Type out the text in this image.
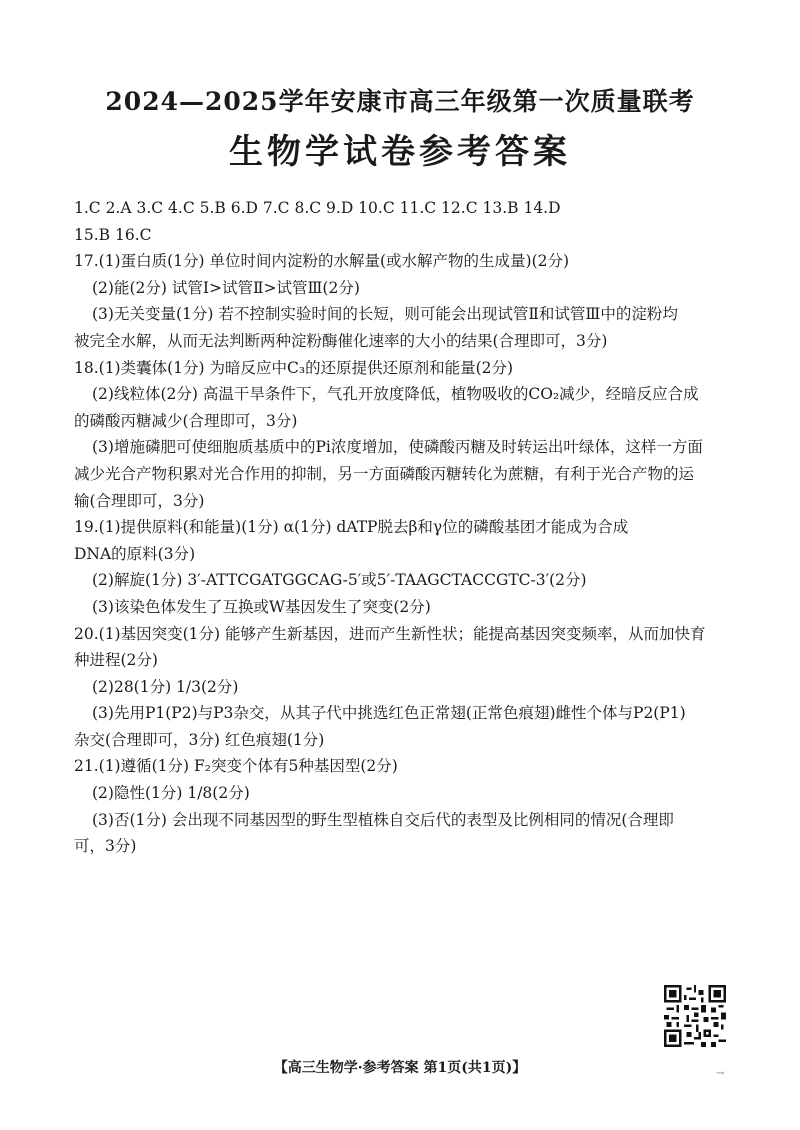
2024—2025学年安康市高三年级第一次质量联考
生物学试卷参考答案
1.C 2.A 3.C 4.C 5.B 6.D 7.C 8.C 9.D 10.C 11.C 12.C 13.B 14.D
15.B 16.C
17.(1)蛋白质(1分) 单位时间内淀粉的水解量(或水解产物的生成量)(2分)
(2)能(2分) 试管Ⅰ>试管Ⅱ>试管Ⅲ(2分)
(3)无关变量(1分) 若不控制实验时间的长短，则可能会出现试管Ⅱ和试管Ⅲ中的淀粉均
被完全水解，从而无法判断两种淀粉酶催化速率的大小的结果(合理即可，3分)
18.(1)类囊体(1分) 为暗反应中C₃的还原提供还原剂和能量(2分)
(2)线粒体(2分) 高温干旱条件下，气孔开放度降低，植物吸收的CO₂减少，经暗反应合成
的磷酸丙糖减少(合理即可，3分)
(3)增施磷肥可使细胞质基质中的Pi浓度增加，使磷酸丙糖及时转运出叶绿体，这样一方面
减少光合产物积累对光合作用的抑制，另一方面磷酸丙糖转化为蔗糖，有利于光合产物的运
输(合理即可，3分)
19.(1)提供原料(和能量)(1分) α(1分) dATP脱去β和γ位的磷酸基团才能成为合成
DNA的原料(3分)
(2)解旋(1分) 3′-ATTCGATGGCAG-5′或5′-TAAGCTACCGTC-3′(2分)
(3)该染色体发生了互换或W基因发生了突变(2分)
20.(1)基因突变(1分) 能够产生新基因，进而产生新性状；能提高基因突变频率，从而加快育
种进程(2分)
(2)28(1分) 1/3(2分)
(3)先用P1(P2)与P3杂交，从其子代中挑选红色正常翅(正常色痕翅)雌性个体与P2(P1)
杂交(合理即可，3分) 红色痕翅(1分)
21.(1)遵循(1分) F₂突变个体有5种基因型(2分)
(2)隐性(1分) 1/8(2分)
(3)否(1分) 会出现不同基因型的野生型植株自交后代的表型及比例相同的情况(合理即
可，3分)
【高三生物学·参考答案 第1页(共1页)】	→
